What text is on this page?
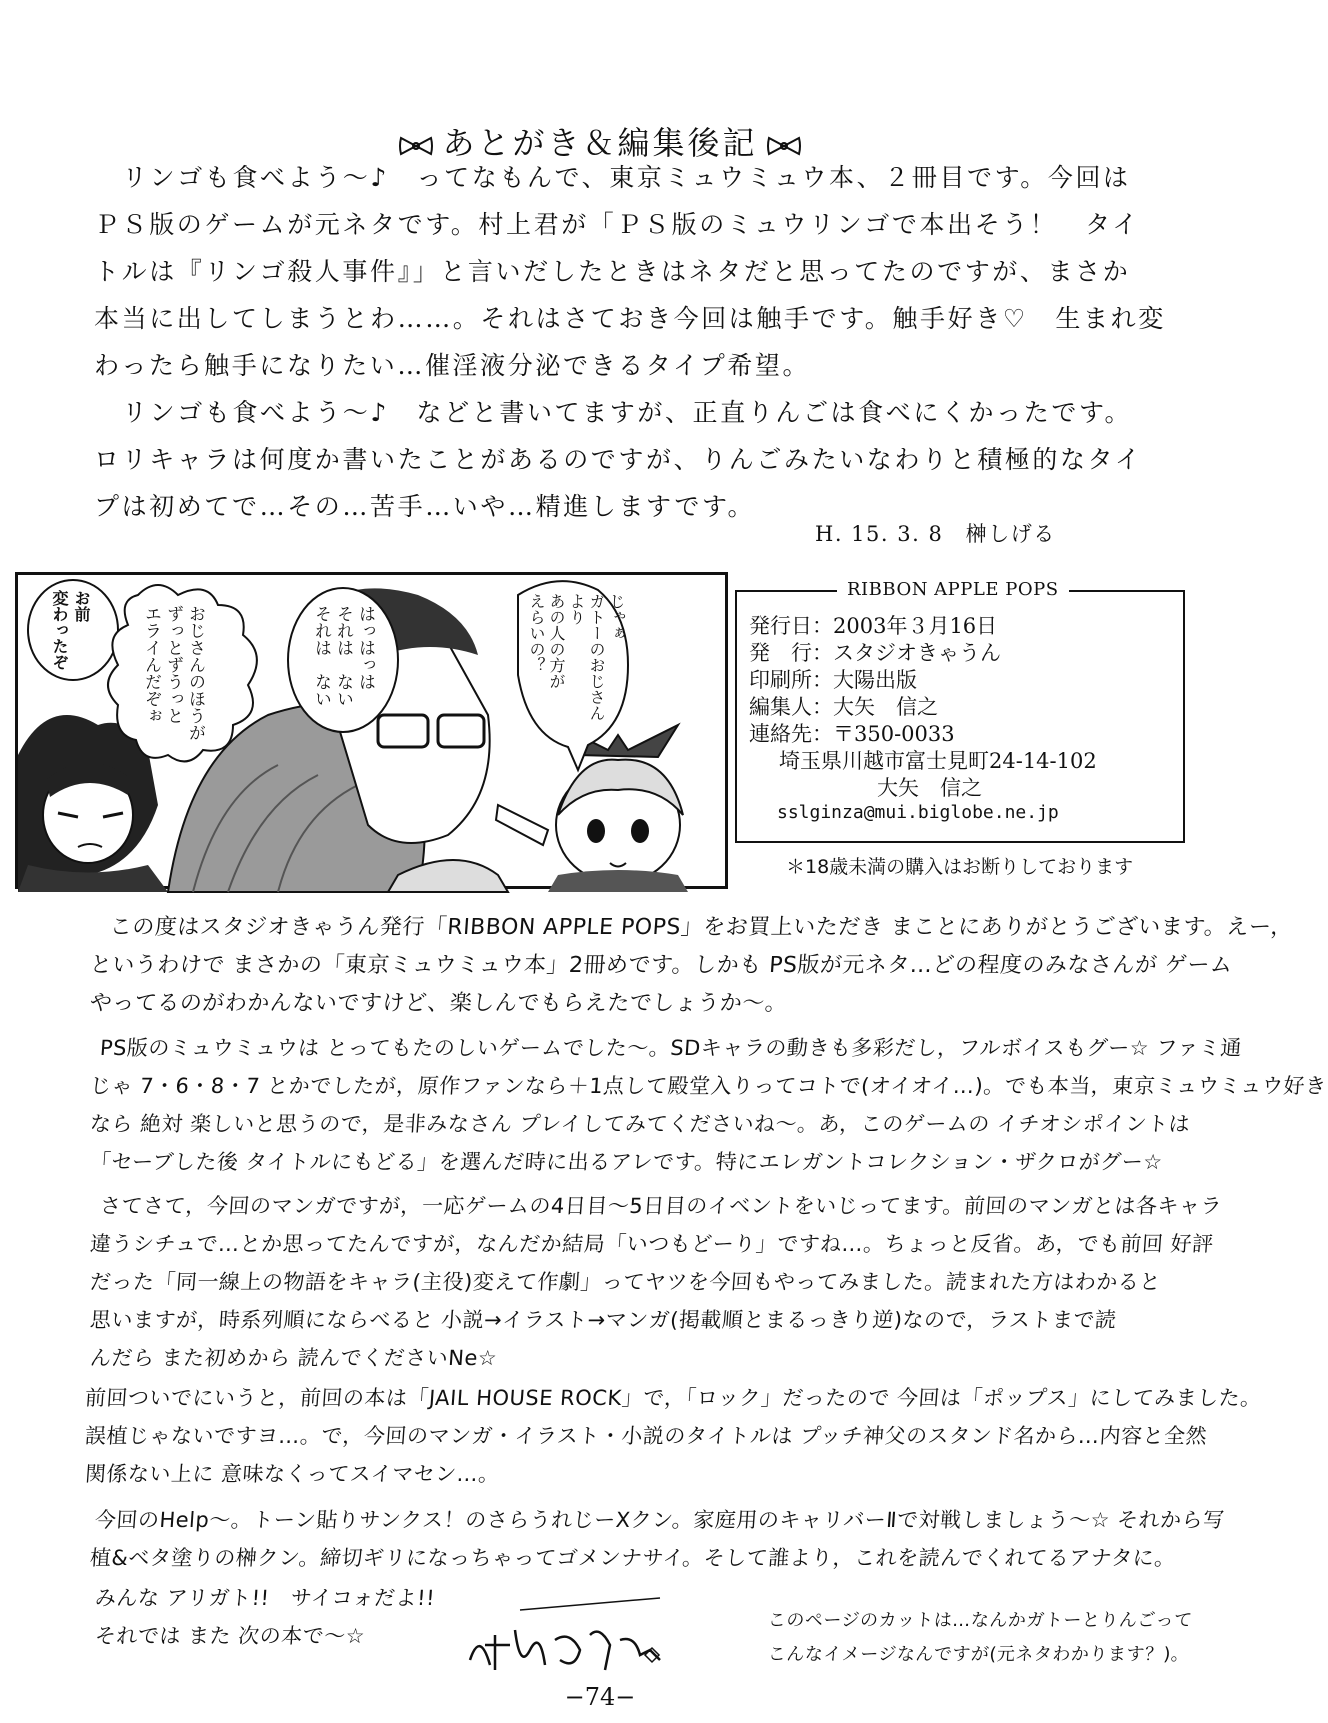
あとがき＆編集後記
リンゴも食べよう〜♪　ってなもんで、東京ミュウミュウ本、２冊目です。今回は
ＰＳ版のゲームが元ネタです。村上君が「ＰＳ版のミュウリンゴで本出そう！　タイ
トルは『リンゴ殺人事件』」と言いだしたときはネタだと思ってたのですが、まさか
本当に出してしまうとわ……。それはさておき今回は触手です。触手好き♡　生まれ変
わったら触手になりたい…催淫液分泌できるタイプ希望。
リンゴも食べよう〜♪　などと書いてますが、正直りんごは食べにくかったです。
ロリキャラは何度か書いたことがあるのですが、りんごみたいなわりと積極的なタイ
プは初めてで…その…苦手…いや…精進しますです。
H. 15. 3. 8　榊しげる
お前
変わったぞ	おじさんのほうが
ずっとずうっと
エライんだぞぉ	はっはっは
それは　ない
それは　ない	じゃぁ
ガトーのおじさん
より
あの人の方が
えらいの？
RIBBON APPLE POPS
発行日：2003年３月16日
発　行：スタジオきゃうん
印刷所：大陽出版
編集人：大矢　信之
連絡先：〒350-0033
埼玉県川越市富士見町24-14-102
大矢　信之
sslginza@mui.biglobe.ne.jp
＊18歳未満の購入はお断りしております
この度はスタジオきゃうん発行「RIBBON APPLE POPS」をお買上いただき まことにありがとうございます。えー，
というわけで まさかの「東京ミュウミュウ本」2冊めです。しかも PS版が元ネタ…どの程度のみなさんが ゲーム
やってるのがわかんないですけど、楽しんでもらえたでしょうか〜。
PS版のミュウミュウは とってもたのしいゲームでした〜。SDキャラの動きも多彩だし，フルボイスもグー☆ ファミ通
じゃ 7・6・8・7 とかでしたが，原作ファンなら＋1点して殿堂入りってコトで(オイオイ…)。でも本当，東京ミュウミュウ好き
なら 絶対 楽しいと思うので，是非みなさん プレイしてみてくださいね〜。あ，このゲームの イチオシポイントは
「セーブした後 タイトルにもどる」を選んだ時に出るアレです。特にエレガントコレクション・ザクロがグー☆
さてさて，今回のマンガですが，一応ゲームの4日目〜5日目のイベントをいじってます。前回のマンガとは各キャラ
違うシチュで…とか思ってたんですが，なんだか結局「いつもどーり」ですね…。ちょっと反省。あ，でも前回 好評
だった「同一線上の物語をキャラ(主役)変えて作劇」ってヤツを今回もやってみました。読まれた方はわかると
思いますが，時系列順にならべると 小説→イラスト→マンガ(掲載順とまるっきり逆)なので，ラストまで読
んだら また初めから 読んでくださいNe☆
前回ついでにいうと，前回の本は「JAIL HOUSE ROCK」で，「ロック」だったので 今回は「ポップス」にしてみました。
誤植じゃないですヨ…。で，今回のマンガ・イラスト・小説のタイトルは プッチ神父のスタンド名から…内容と全然
関係ない上に 意味なくってスイマセン…。
今回のHelp〜。トーン貼りサンクス！のさらうれじーXクン。家庭用のキャリバーⅡで対戦しましょう〜☆ それから写
植&ベタ塗りの榊クン。締切ギリになっちゃってゴメンナサイ。そして誰より，これを読んでくれてるアナタに。
みんな アリガト!!　サイコォだよ!!
それでは また 次の本で〜☆
このページのカットは…なんかガトーとりんごって
こんなイメージなんですが(元ネタわかります？)。
−74−
